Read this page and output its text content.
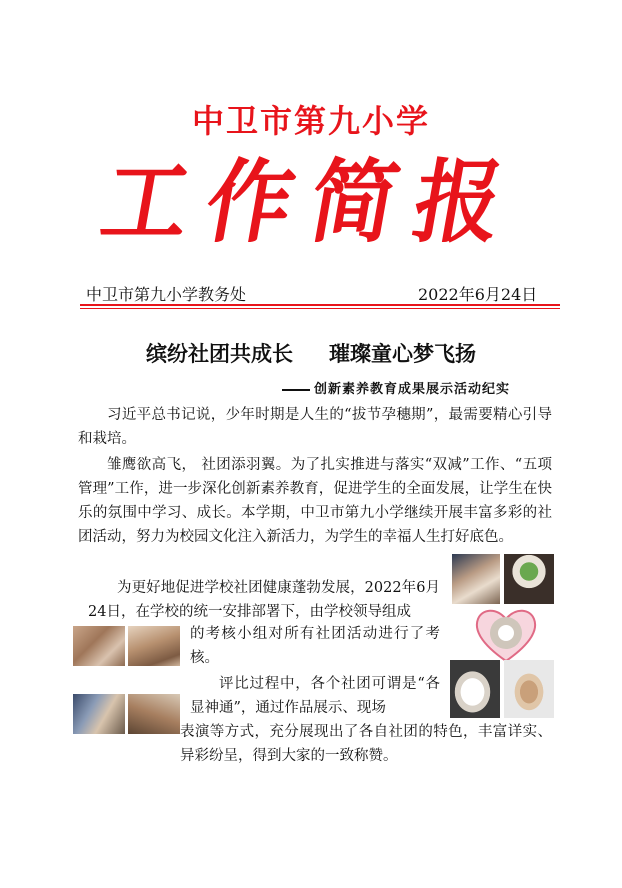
中卫市第九小学
工作简报
中卫市第九小学教务处	2022年6月24日
缤纷社团共成长 璀璨童心梦飞扬
创新素养教育成果展示活动纪实
习近平总书记说，少年时期是人生的“拔节孕穗期”，最需要精心引导和栽培。
雏鹰欲高飞， 社团添羽翼。为了扎实推进与落实“双减”工作、“五项管理”工作，进一步深化创新素养教育，促进学生的全面发展，让学生在快乐的氛围中学习、成长。本学期，中卫市第九小学继续开展丰富多彩的社团活动，努力为校园文化注入新活力，为学生的幸福人生打好底色。
为更好地促进学校社团健康蓬勃发展，2022年6月24日，在学校的统一安排部署下，由学校领导组成
的考核小组对所有社团活动进行了考核。
评比过程中，各个社团可谓是“各显神通”，通过作品展示、现场
表演等方式，充分展现出了各自社团的特色，丰富详实、异彩纷呈，得到大家的一致称赞。
